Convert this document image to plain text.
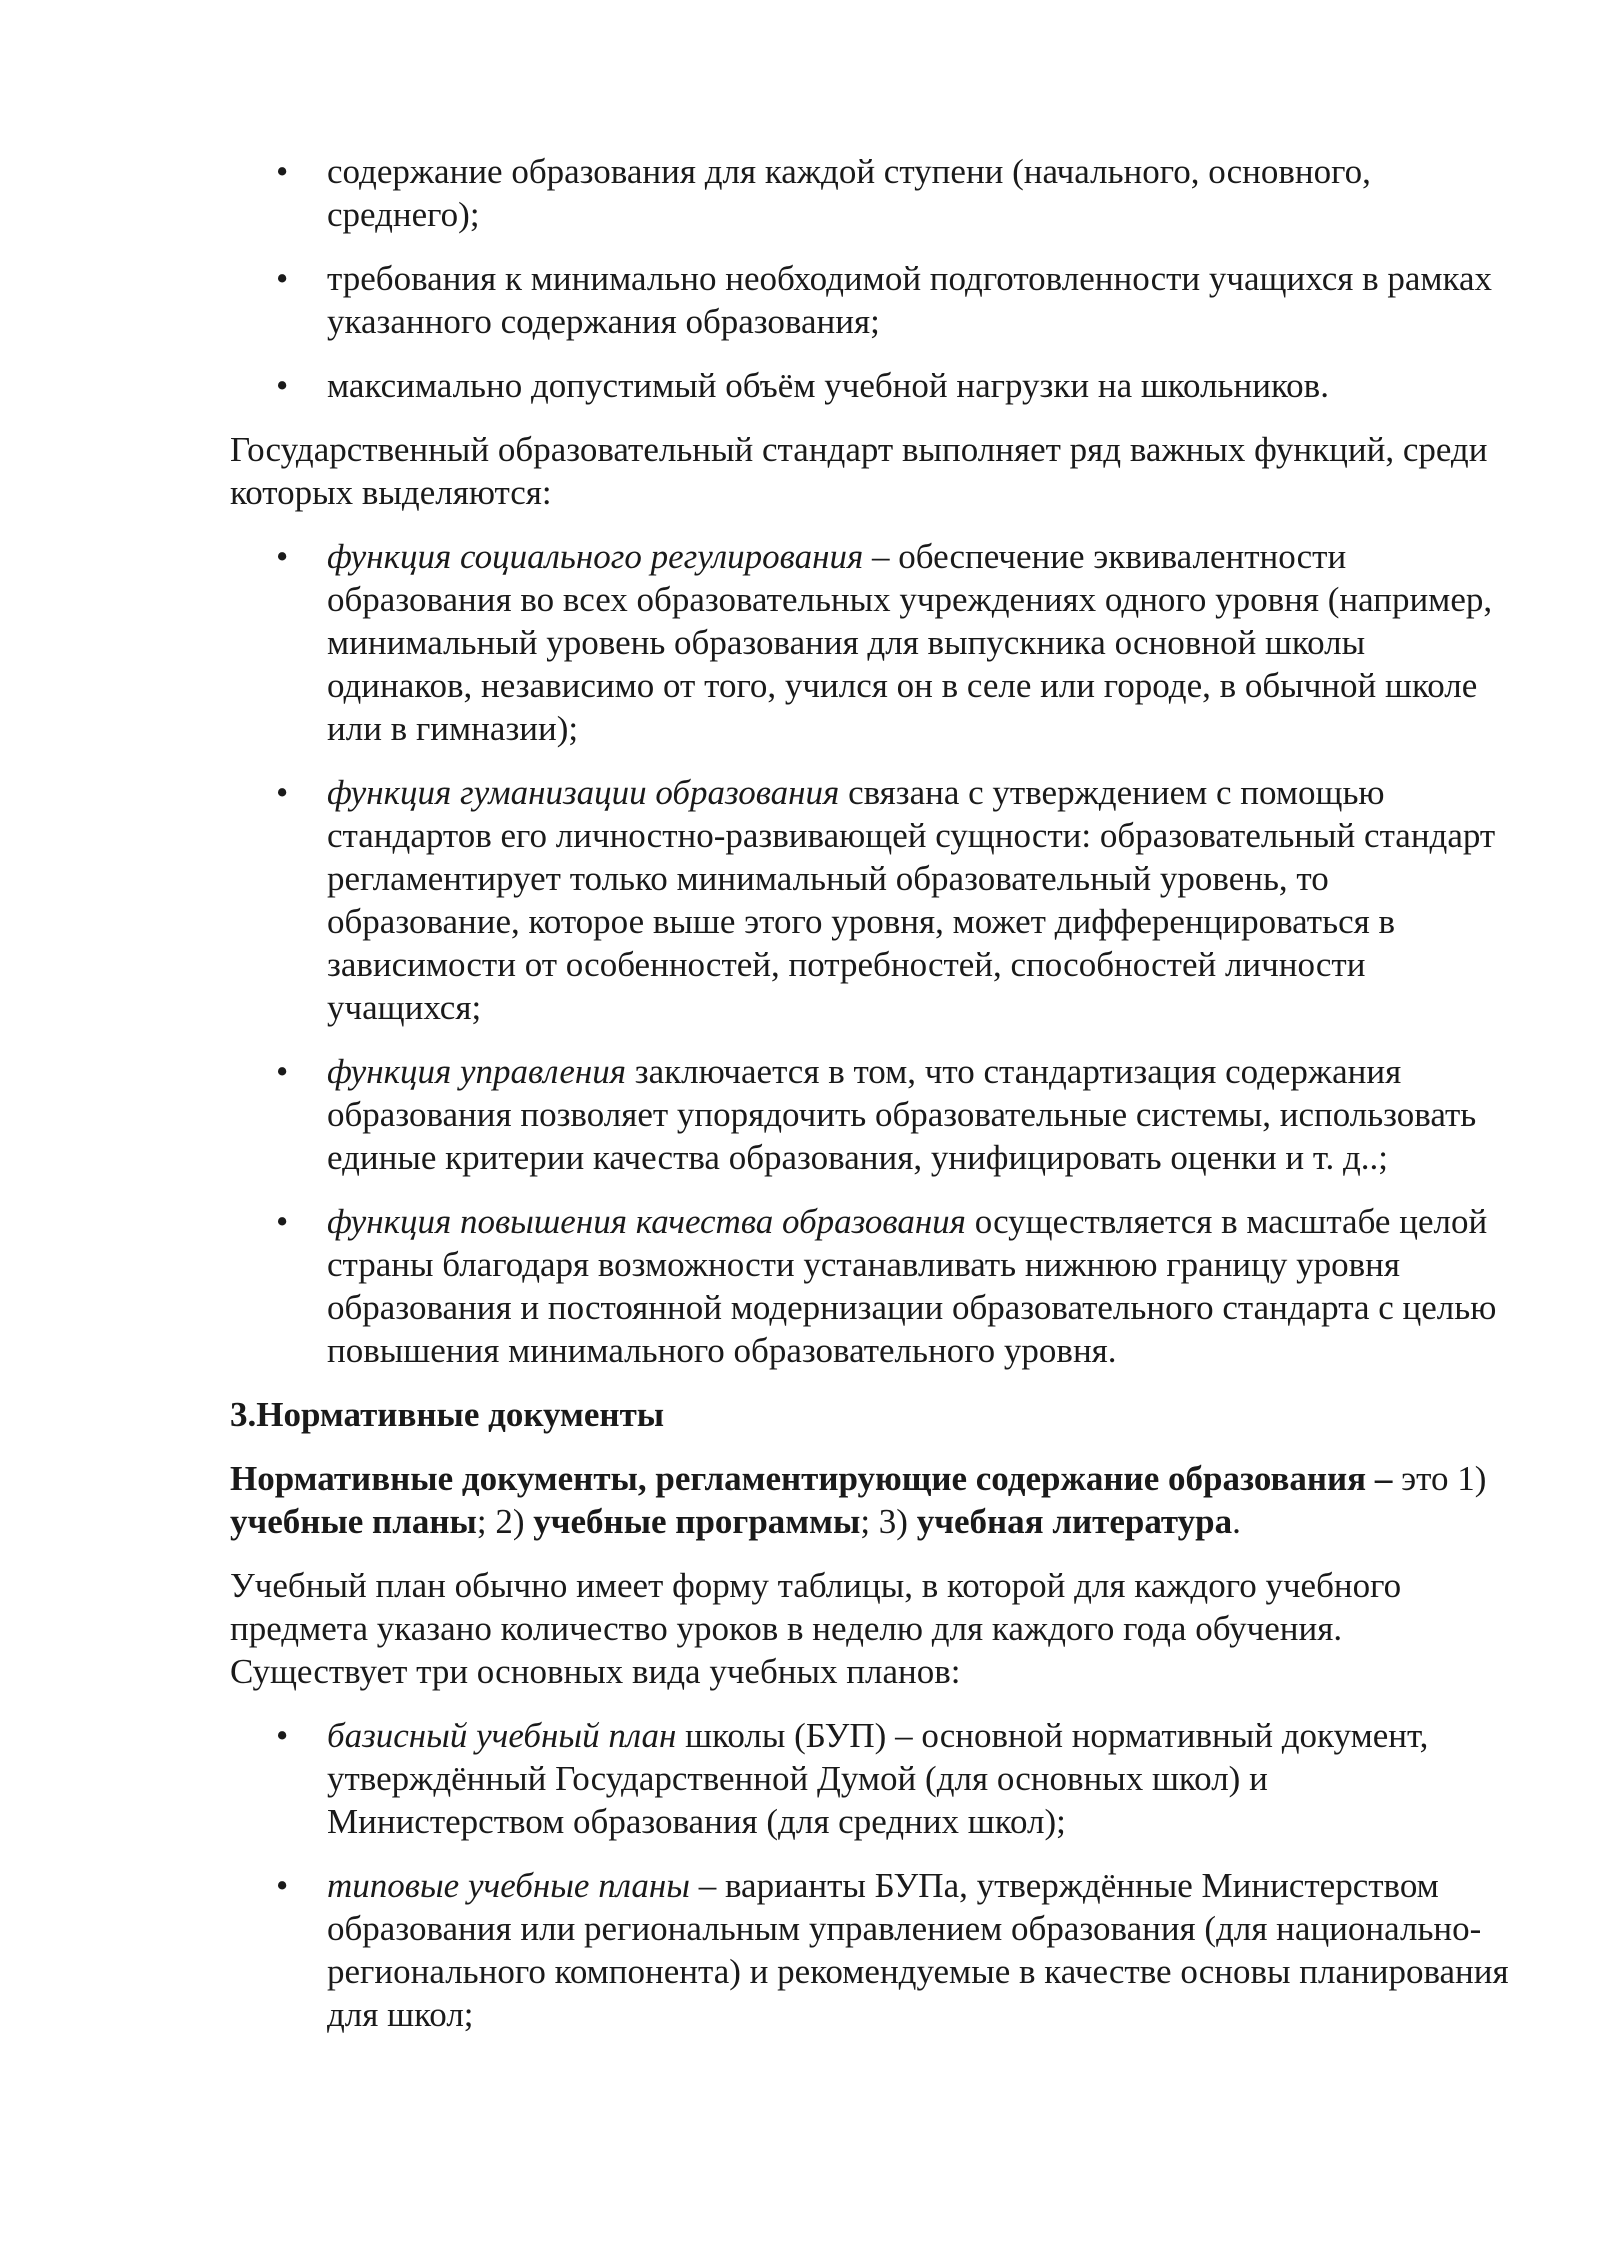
• содержание образования для каждой ступени (начального, основного, среднего);
• требования к минимально необходимой подготовленности учащихся в рамках указанного содержания образования;
• максимально допустимый объём учебной нагрузки на школьников.

Государственный образовательный стандарт выполняет ряд важных функций, среди которых выделяются:

• функция социального регулирования – обеспечение эквивалентности образования во всех образовательных учреждениях одного уровня (например, минимальный уровень образования для выпускника основной школы одинаков, независимо от того, учился он в селе или городе, в обычной школе или в гимназии);
• функция гуманизации образования связана с утверждением с помощью стандартов его личностно-развивающей сущности: образовательный стандарт регламентирует только минимальный образовательный уровень, то образование, которое выше этого уровня, может дифференцироваться в зависимости от особенностей, потребностей, способностей личности учащихся;
• функция управления заключается в том, что стандартизация содержания образования позволяет упорядочить образовательные системы, использовать единые критерии качества образования, унифицировать оценки и т. д..;
• функция повышения качества образования осуществляется в масштабе целой страны благодаря возможности устанавливать нижнюю границу уровня образования и постоянной модернизации образовательного стандарта с целью повышения минимального образовательного уровня.
3.Нормативные документы

Нормативные документы, регламентирующие содержание образования – это 1) учебные планы; 2) учебные программы; 3) учебная литература.

Учебный план обычно имеет форму таблицы, в которой для каждого учебного предмета указано количество уроков в неделю для каждого года обучения. Существует три основных вида учебных планов:

• базисный учебный план школы (БУП) – основной нормативный документ, утверждённый Государственной Думой (для основных школ) и Министерством образования (для средних школ);
• типовые учебные планы – варианты БУПа, утверждённые Министерством образования или региональным управлением образования (для национально-регионального компонента) и рекомендуемые в качестве основы планирования для школ;
